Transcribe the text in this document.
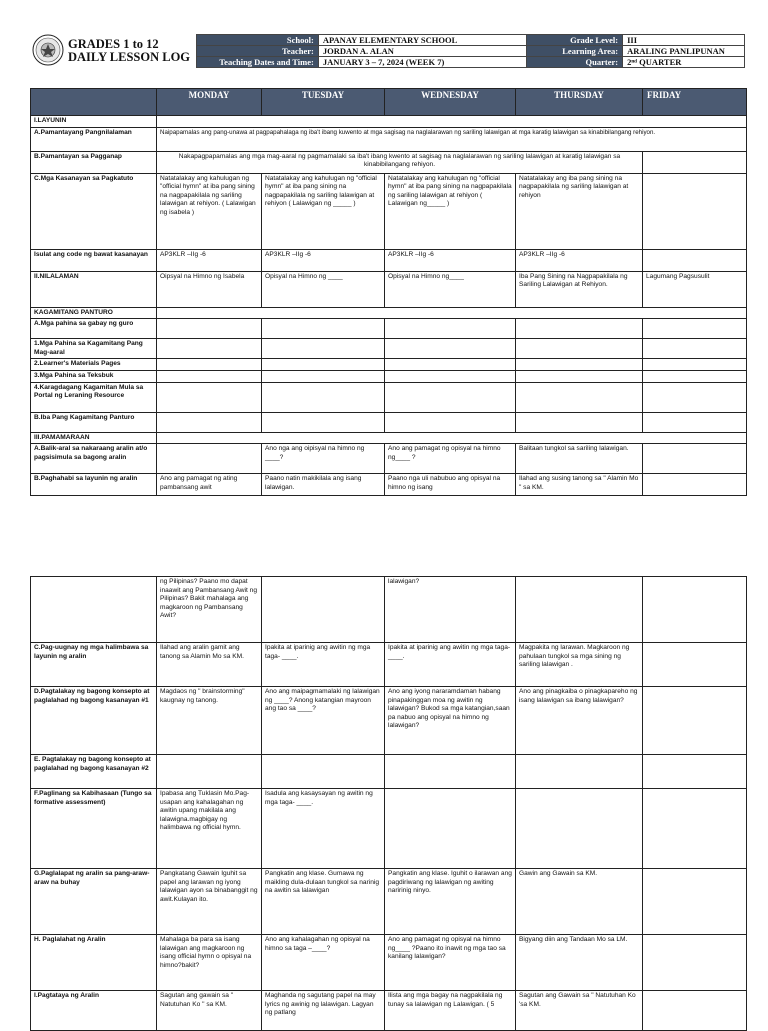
GRADES 1 to 12
DAILY LESSON LOG
School:	APANAY ELEMENTARY SCHOOL	Grade Level:	III
Teacher:	JORDAN A. ALAN	Learning Area:	ARALING PANLIPUNAN
Teaching Dates and Time:	JANUARY 3 – 7, 2024 (WEEK 7)	Quarter:	2ⁿᵈ QUARTER
	MONDAY	TUESDAY	WEDNESDAY	THURSDAY	FRIDAY
I.LAYUNIN					
A.Pamantayang Pangnilalaman	Naipapamalas ang pang-unawa at pagpapahalaga ng iba't ibang kuwento at mga sagisag na naglalarawan ng sariling lalawigan at mga karatig lalawigan sa kinabibilangang rehiyon.				
B.Pamantayan sa Pagganap	Nakapagpapamalas ang mga mag-aaral ng pagmamalaki sa iba't ibang kwento at sagisag na naglalarawan ng sariling lalawigan at karatig lalawigan sa kinabibilangang rehiyon.				
C.Mga Kasanayan sa Pagkatuto	Natatalakay ang kahulugan ng "official hymn" at iba pang sining na nagpapakilala ng sariling lalawigan at rehiyon. ( Lalawigan ng isabela )	Natatalakay ang kahulugan ng "official hymn" at iba pang sining na nagpapakilala ng sariling lalawigan at rehiyon ( Lalawigan ng _____ )	Natatalakay ang kahulugan ng "official hymn" at iba pang sining na nagpapakilala ng sariling lalawigan at rehiyon ( Lalawigan ng_____ )	Natatalakay ang iba pang sining na nagpapakilala ng sariling lalawigan at rehiyon	
Isulat ang code ng bawat kasanayan	AP3KLR –IIg -6	AP3KLR –IIg -6	AP3KLR –IIg -6	AP3KLR –IIg -6	
II.NILALAMAN	Oipsyal na Himno ng Isabela	Opisyal na Himno ng ____	Opisyal na Himno ng____	Iba Pang Sining na Nagpapakilala ng Sariling Lalawigan at Rehiyon.	Lagumang Pagsusulit
KAGAMITANG PANTURO					
A.Mga pahina sa gabay ng guro					
1.Mga Pahina sa Kagamitang Pang Mag-aaral					
2.Learner's Materials Pages					
3.Mga Pahina sa Teksbuk					
4.Karagdagang Kagamitan Mula sa Portal ng Leraning Resource					
B.Iba Pang Kagamitang Panturo					
III.PAMAMARAAN					
A.Balik-aral sa nakaraang aralin at/o pagsisimula sa bagong aralin		Ano nga ang oipisyal na himno ng ____?	Ano ang pamagat ng opisyal na himno ng____ ?	Balitaan tungkol sa sariling lalawigan.	
B.Paghahabi sa layunin ng aralin	Ano ang pamagat ng ating pambansang awit	Paano natin makikilala ang isang lalawigan.	Paano nga uli nabubuo ang opisyal na himno ng isang	Ilahad ang susing tanong sa " Alamin Mo " sa KM.	
	ng Pilipinas? Paano mo dapat inaawit ang Pambansang Awit ng Pilipinas? Bakit mahalaga ang magkaroon ng Pambansang Awit?		lalawigan?		
C.Pag-uugnay ng mga halimbawa sa layunin ng aralin	Ilahad ang aralin gamit ang tanong sa Alamin Mo sa KM.	Ipakita at iparinig ang awitin ng mga taga- ____.	Ipakita at iparinig ang awitin ng mga taga- ____.	Magpakita ng larawan. Magkaroon ng pahulaan tungkol sa mga sining ng sariling lalawigan .	
D.Pagtalakay ng bagong konsepto at paglalahad ng bagong kasanayan #1	Magdaos ng " brainstorming" kaugnay ng tanong.	Ano ang maipagmamalaki ng lalawigan ng ____? Anong katangian mayroon ang tao sa ____?	Ano ang iyong nararamdaman habang pinapakinggan moa ng awitin ng lalawigan? Bukod sa mga katangian,saan pa nabuo ang opisyal na himno ng lalawigan?	Ano ang pinagkaiba o pinagkapareho ng isang lalawigan sa ibang lalawigan?	
E. Pagtalakay ng bagong konsepto at paglalahad ng bagong kasanayan #2					
F.Paglinang sa Kabihasaan (Tungo sa formative assessment)	Ipabasa ang Tuklasin Mo.Pag-usapan ang kahalagahan ng awitin upang makilala ang lalawigna.magbigay ng halimbawa ng official hymn.	Isadula ang kasaysayan ng awitin ng mga taga- ____.			
G.Paglalapat ng aralin sa pang-araw-araw na buhay	Pangkatang Gawain Iguhit sa papel ang larawan ng iyong lalawigan ayon sa binabanggit ng awit.Kulayan ito.	Pangkatin ang klase. Gumawa ng maikling dula-dulaan tungkol sa narinig na awitin sa lalawigan	Pangkatin ang klase. Iguhit o ilarawan ang pagdiriwang ng lalawigan ng awiting naririnig ninyo.	Gawin ang Gawain sa KM.	
H. Paglalahat ng Aralin	Mahalaga ba para sa isang lalawigan ang magkaroon ng isang official hymn o opisyal na himno?bakit?	Ano ang kahalagahan ng opisyal na himno sa taga –____?	Ano ang pamagat ng opisyal na himno ng____ ?Paano ito inawit ng mga tao sa kanilang lalawigan?	Bigyang diin ang Tandaan Mo sa LM.	
I.Pagtataya ng Aralin	Sagutan ang gawain sa " Natutuhan Ko " sa KM.	Maghanda ng sagutang papel na may lyrics ng awinig ng lalawigan. Lagyan ng patlang	Ilista ang mga bagay na nagpakilala ng tunay sa lalawigan ng Lalawigan. ( 5	Sagutan ang Gawain sa " Natutuhan Ko 'sa KM.	
